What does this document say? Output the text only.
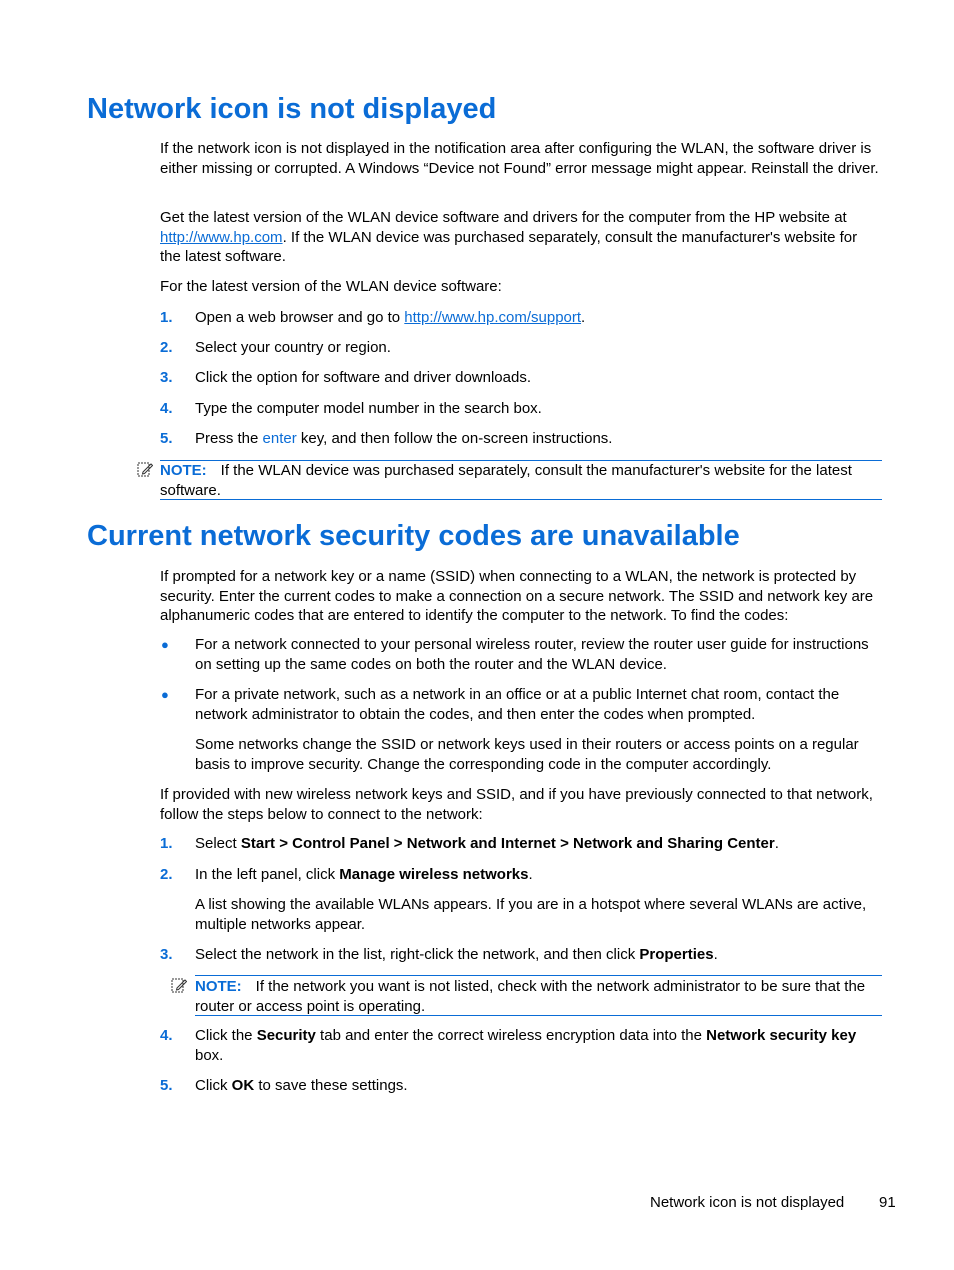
Network icon is not displayed

If the network icon is not displayed in the notification area after configuring the WLAN, the software driver is either missing or corrupted. A Windows “Device not Found” error message might appear. Reinstall the driver.

Get the latest version of the WLAN device software and drivers for the computer from the HP website at http://www.hp.com. If the WLAN device was purchased separately, consult the manufacturer's website for the latest software.

For the latest version of the WLAN device software:

1. Open a web browser and go to http://www.hp.com/support.
2. Select your country or region.
3. Click the option for software and driver downloads.
4. Type the computer model number in the search box.
5. Press the enter key, and then follow the on-screen instructions.
NOTE: If the WLAN device was purchased separately, consult the manufacturer's website for the latest software.
Current network security codes are unavailable

If prompted for a network key or a name (SSID) when connecting to a WLAN, the network is protected by security. Enter the current codes to make a connection on a secure network. The SSID and network key are alphanumeric codes that are entered to identify the computer to the network. To find the codes:

● For a network connected to your personal wireless router, review the router user guide for instructions on setting up the same codes on both the router and the WLAN device.
● For a private network, such as a network in an office or at a public Internet chat room, contact the network administrator to obtain the codes, and then enter the codes when prompted.

Some networks change the SSID or network keys used in their routers or access points on a regular basis to improve security. Change the corresponding code in the computer accordingly.

If provided with new wireless network keys and SSID, and if you have previously connected to that network, follow the steps below to connect to the network:

1. Select Start > Control Panel > Network and Internet > Network and Sharing Center.
2. In the left panel, click Manage wireless networks.

A list showing the available WLANs appears. If you are in a hotspot where several WLANs are active, multiple networks appear.

3. Select the network in the list, right-click the network, and then click Properties.
NOTE: If the network you want is not listed, check with the network administrator to be sure that the router or access point is operating.
4. Click the Security tab and enter the correct wireless encryption data into the Network security key box.
5. Click OK to save these settings.
Network icon is not displayed 91
